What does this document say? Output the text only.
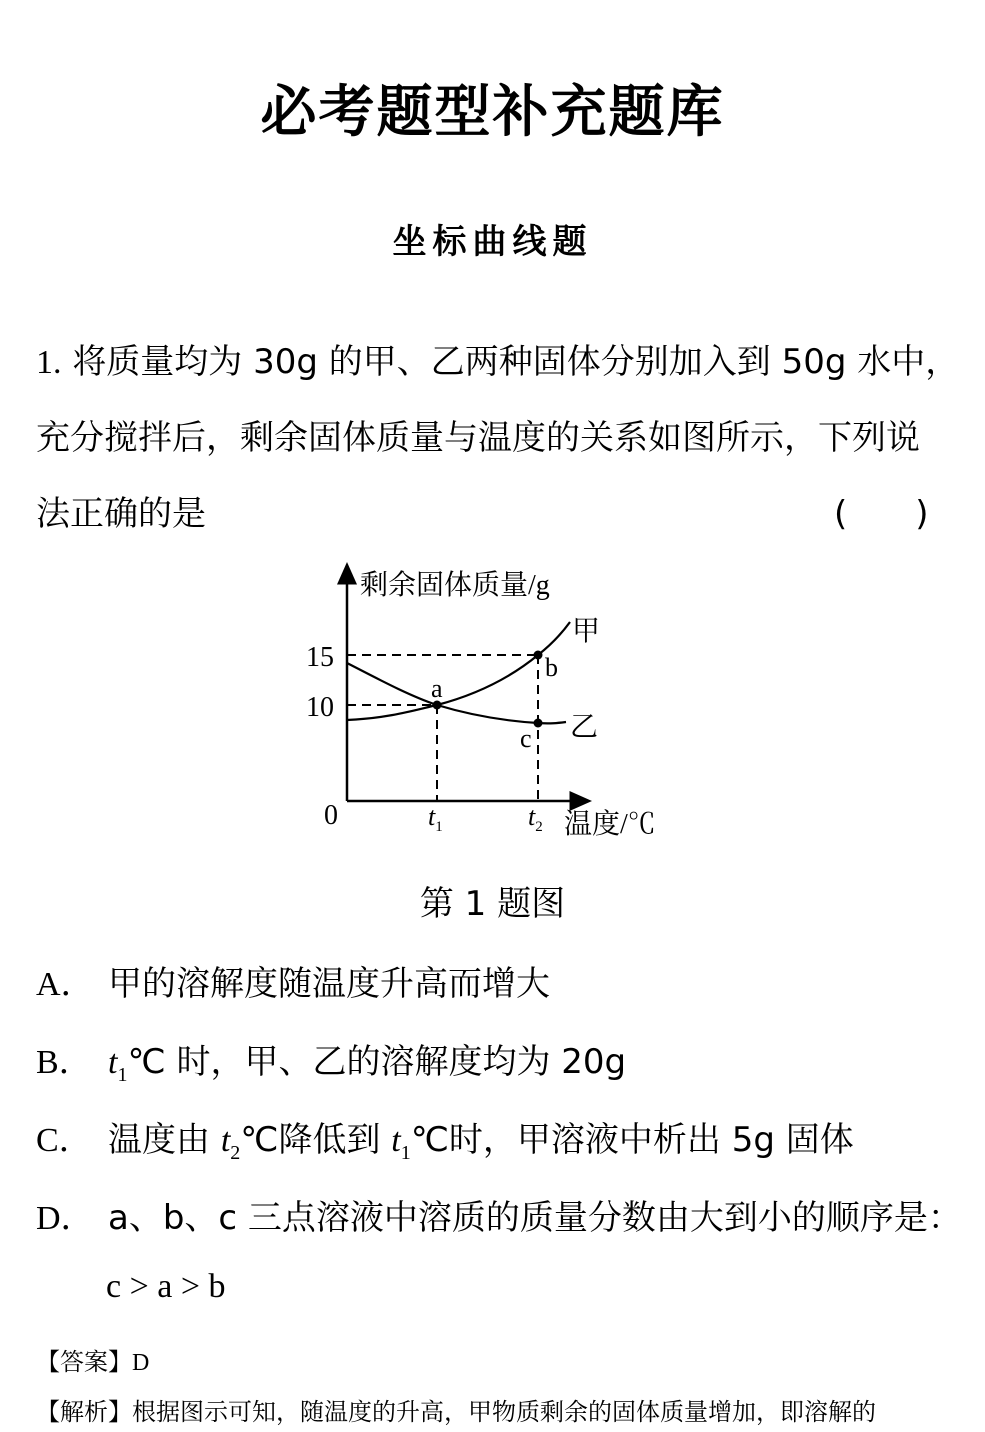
必考题型补充题库
坐标曲线题
1. 将质量均为 30g 的甲、乙两种固体分别加入到 50g 水中，
充分搅拌后，剩余固体质量与温度的关系如图所示，下列说
法正确的是	(　　)
剩余固体质量/g
温度/℃
0
15
10
$t_1$	$t_2$
甲
乙
a
b
c
第 1 题图
A． 甲的溶解度随温度升高而增大
B． $t_1℃$ 时，甲、乙的溶解度均为 20g
C． 温度由 $t_2℃$降低到 $t_1℃$时，甲溶液中析出 5g 固体
D． a、b、c 三点溶液中溶质的质量分数由大到小的顺序是：
c > a > b
【答案】D
【解析】根据图示可知，随温度的升高，甲物质剩余的固体质量增加，即溶解的
